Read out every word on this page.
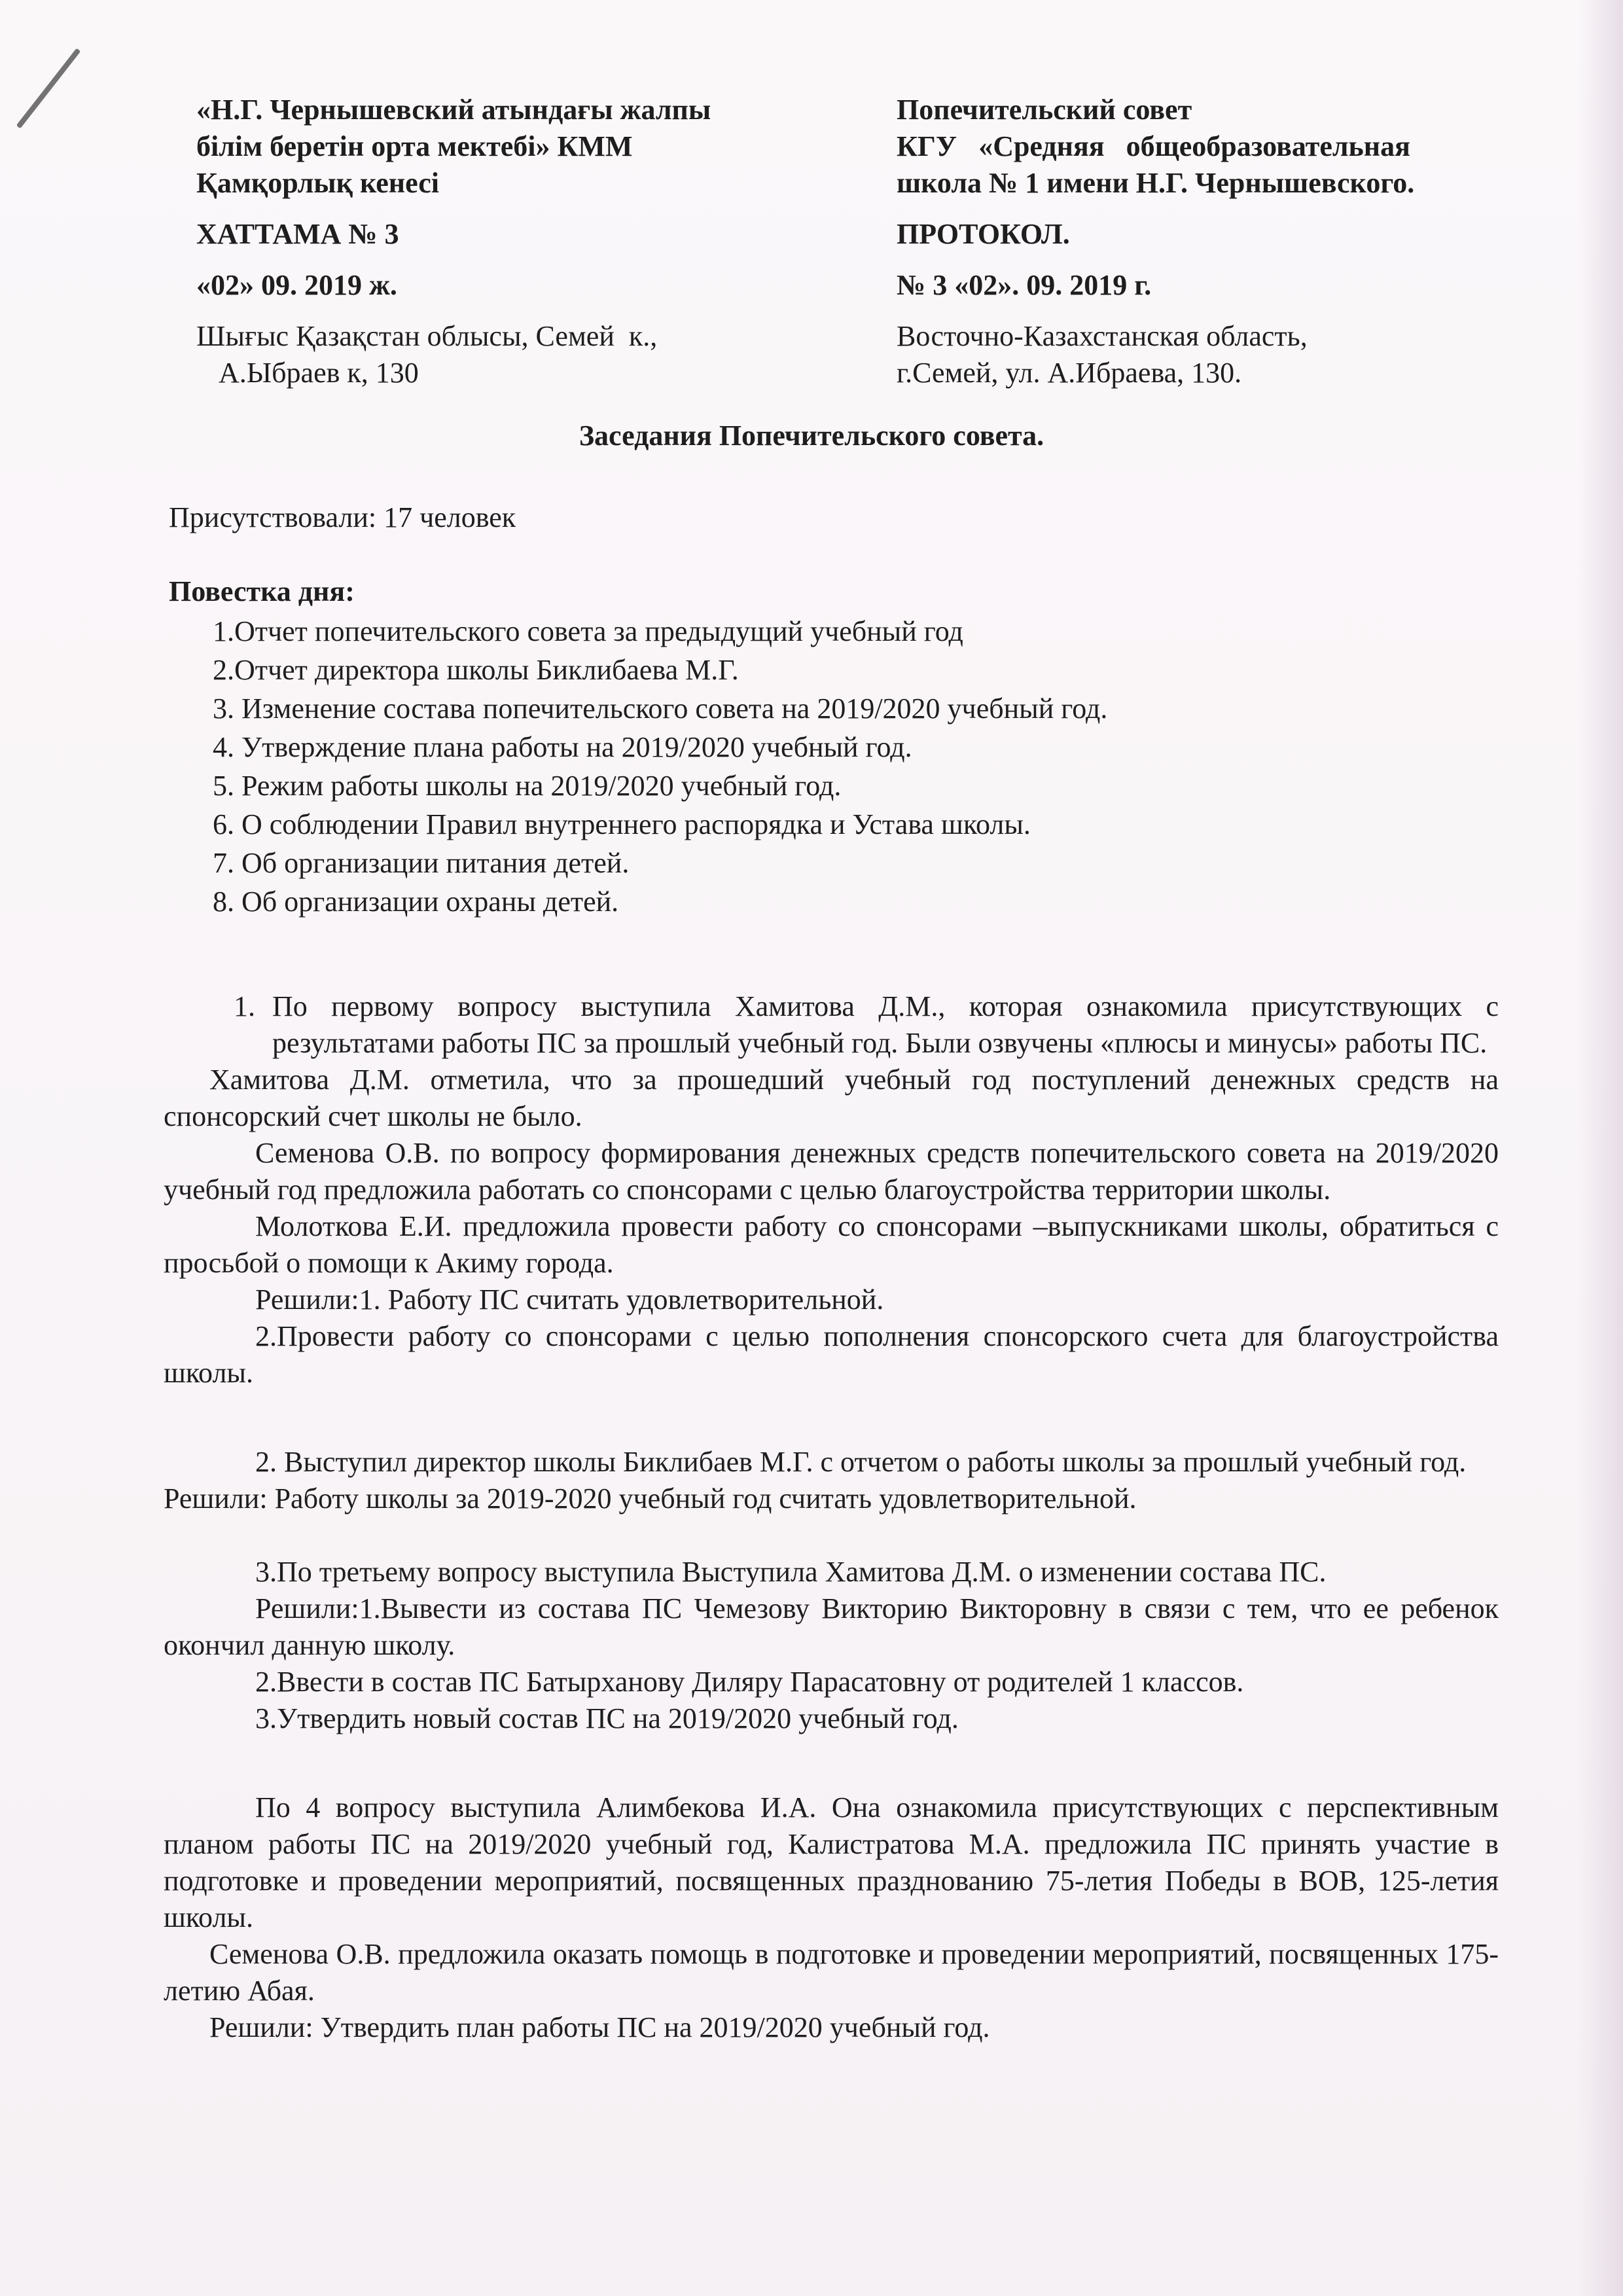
«Н.Г. Чернышевский атындағы жалпы
білім беретін орта мектебі» КММ
Қамқорлық кенесі
ХАТТАМА № 3
«02» 09. 2019 ж.
Шығыс Қазақстан облысы, Семей  к.,
А.Ыбраев к, 130
Попечительский совет
КГУ   «Средняя   общеобразовательная
школа № 1 имени Н.Г. Чернышевского.
ПРОТОКОЛ.
№ 3 «02». 09. 2019 г.
Восточно-Казахстанская область,
г.Семей, ул. А.Ибраева, 130.
Заседания Попечительского совета.
Присутствовали: 17 человек
Повестка дня:
1.Отчет попечительского совета за предыдущий учебный год
2.Отчет директора школы Биклибаева М.Г.
3. Изменение состава попечительского совета на 2019/2020 учебный год.
4. Утверждение плана работы на 2019/2020 учебный год.
5. Режим работы школы на 2019/2020 учебный год.
6. О соблюдении Правил внутреннего распорядка и Устава школы.
7. Об организации питания детей.
8. Об организации охраны детей.
1. По первому вопросу выступила Хамитова Д.М., которая ознакомила присутствующих с результатами работы ПС за прошлый учебный год. Были озвучены «плюсы и минусы» работы ПС.

Хамитова Д.М. отметила, что за прошедший учебный год поступлений денежных средств на спонсорский счет школы не было.

Семенова О.В. по вопросу формирования денежных средств попечительского совета на 2019/2020 учебный год предложила работать со спонсорами с целью благоустройства территории школы.

Молоткова Е.И. предложила провести работу со спонсорами –выпускниками школы, обратиться с просьбой о помощи к Акиму города.

Решили:1. Работу ПС считать удовлетворительной.

2.Провести работу со спонсорами с целью пополнения спонсорского счета для благоустройства школы.

2. Выступил директор школы Биклибаев М.Г. с отчетом о работы школы за прошлый учебный год.

Решили: Работу школы за 2019-2020 учебный год считать удовлетворительной.

3.По третьему вопросу выступила Выступила Хамитова Д.М. о изменении состава ПС.

Решили:1.Вывести из состава ПС Чемезову Викторию Викторовну в связи с тем, что ее ребенок окончил данную школу.

2.Ввести в состав ПС Батырханову Диляру Парасатовну от родителей 1 классов.

3.Утвердить новый состав ПС на 2019/2020 учебный год.

По 4 вопросу выступила Алимбекова И.А. Она ознакомила присутствующих с перспективным планом работы ПС на 2019/2020 учебный год, Калистратова М.А. предложила ПС принять участие в подготовке и проведении мероприятий, посвященных празднованию 75-летия Победы в ВОВ, 125-летия школы.

Семенова О.В. предложила оказать помощь в подготовке и проведении мероприятий, посвященных 175-летию Абая.

Решили: Утвердить план работы ПС на 2019/2020 учебный год.
